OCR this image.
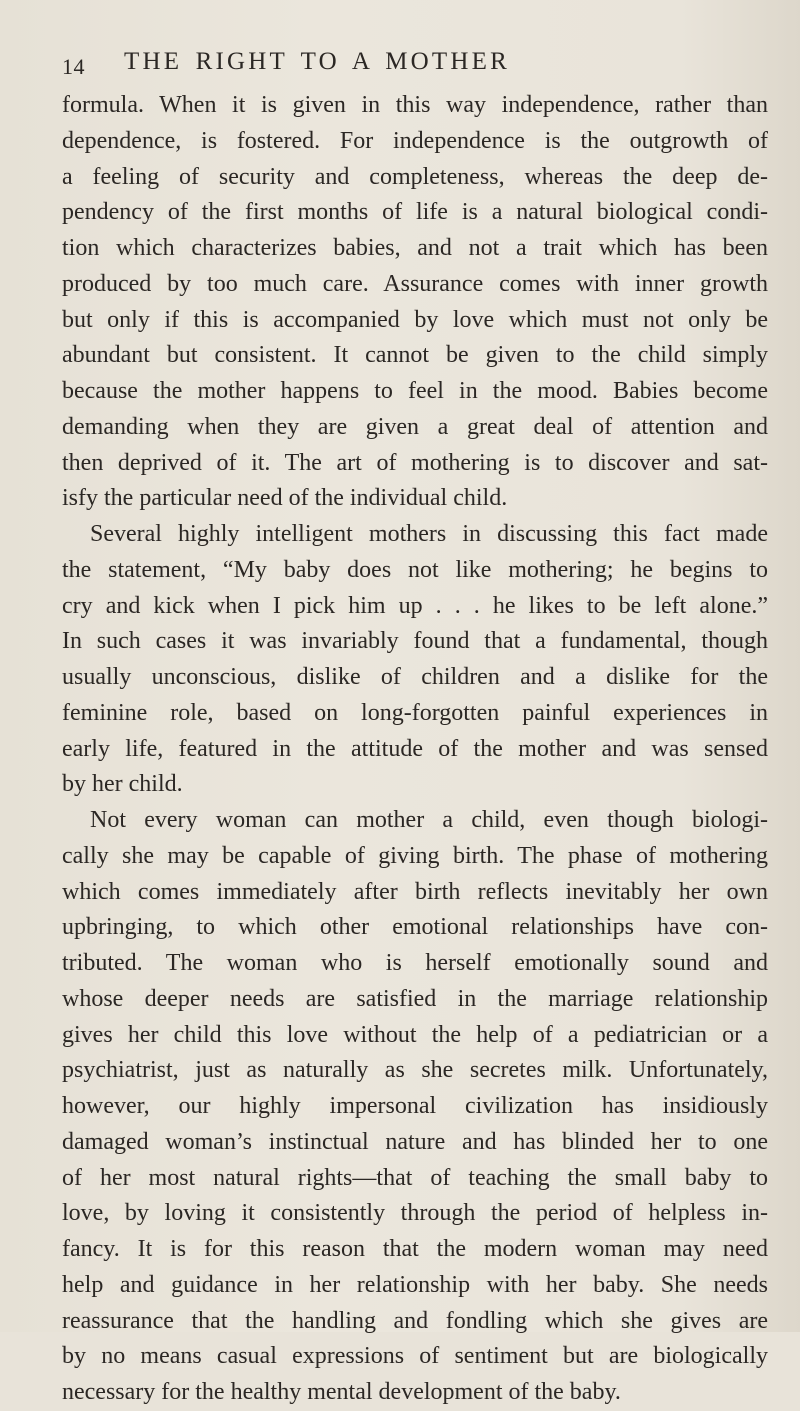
14 THE RIGHT TO A MOTHER
formula. When it is given in this way independence, rather than
dependence, is fostered. For independence is the outgrowth of
a feeling of security and completeness, whereas the deep de-
pendency of the first months of life is a natural biological condi-
tion which characterizes babies, and not a trait which has been
produced by too much care. Assurance comes with inner growth
but only if this is accompanied by love which must not only be
abundant but consistent. It cannot be given to the child simply
because the mother happens to feel in the mood. Babies become
demanding when they are given a great deal of attention and
then deprived of it. The art of mothering is to discover and sat-
isfy the particular need of the individual child.
Several highly intelligent mothers in discussing this fact made
the statement, “My baby does not like mothering; he begins to
cry and kick when I pick him up . . . he likes to be left alone.”
In such cases it was invariably found that a fundamental, though
usually unconscious, dislike of children and a dislike for the
feminine role, based on long-forgotten painful experiences in
early life, featured in the attitude of the mother and was sensed
by her child.
Not every woman can mother a child, even though biologi-
cally she may be capable of giving birth. The phase of mothering
which comes immediately after birth reflects inevitably her own
upbringing, to which other emotional relationships have con-
tributed. The woman who is herself emotionally sound and
whose deeper needs are satisfied in the marriage relationship
gives her child this love without the help of a pediatrician or a
psychiatrist, just as naturally as she secretes milk. Unfortunately,
however, our highly impersonal civilization has insidiously
damaged woman’s instinctual nature and has blinded her to one
of her most natural rights—that of teaching the small baby to
love, by loving it consistently through the period of helpless in-
fancy. It is for this reason that the modern woman may need
help and guidance in her relationship with her baby. She needs
reassurance that the handling and fondling which she gives are
by no means casual expressions of sentiment but are biologically
necessary for the healthy mental development of the baby.
